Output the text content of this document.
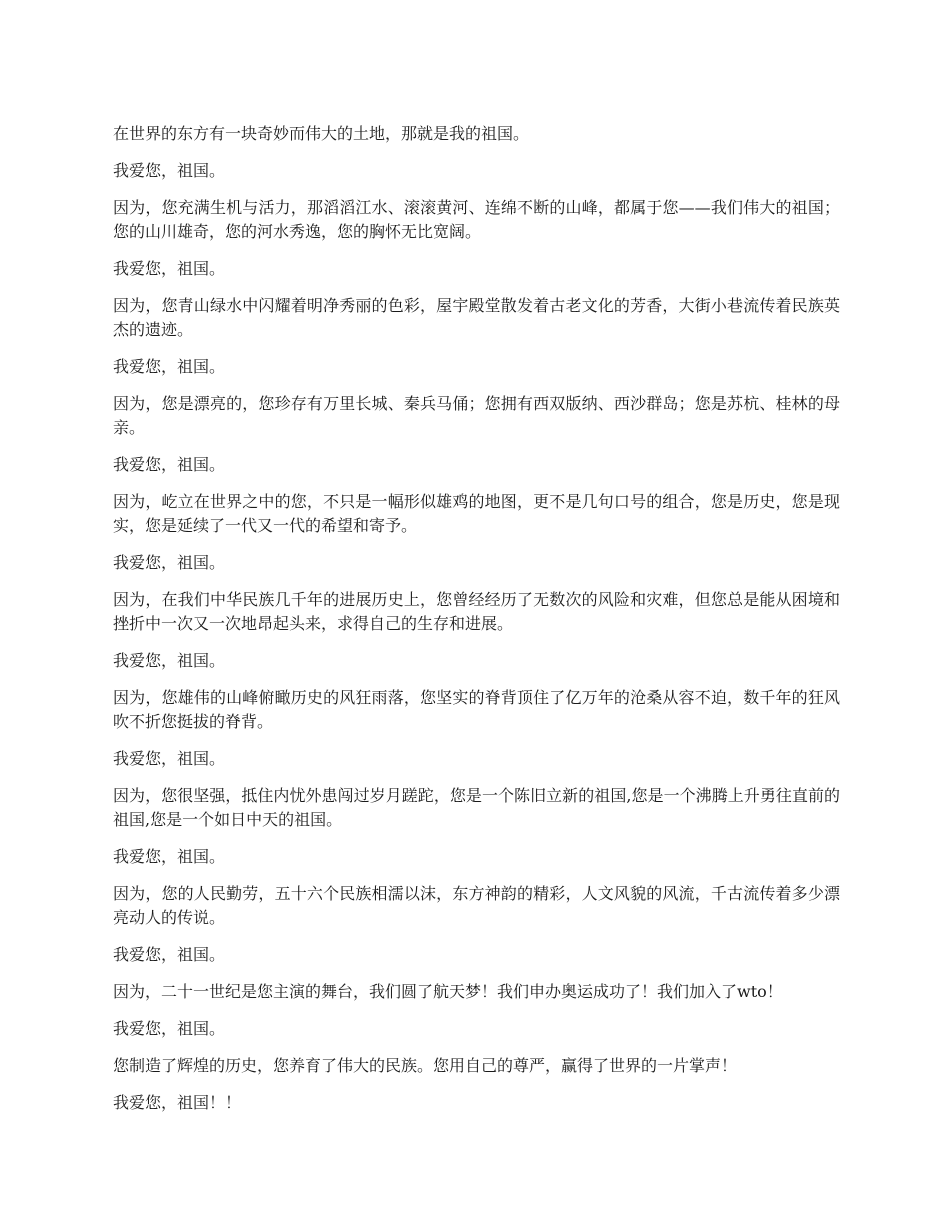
在世界的东方有一块奇妙而伟大的土地，那就是我的祖国。

我爱您，祖国。

因为，您充满生机与活力，那滔滔江水、滚滚黄河、连绵不断的山峰，都属于您——我们伟大的祖国；您的山川雄奇，您的河水秀逸，您的胸怀无比宽阔。

我爱您，祖国。

因为，您青山绿水中闪耀着明净秀丽的色彩，屋宇殿堂散发着古老文化的芳香，大街小巷流传着民族英杰的遗迹。

我爱您，祖国。

因为，您是漂亮的，您珍存有万里长城、秦兵马俑；您拥有西双版纳、西沙群岛；您是苏杭、桂林的母亲。

我爱您，祖国。

因为，屹立在世界之中的您，不只是一幅形似雄鸡的地图，更不是几句口号的组合，您是历史，您是现实，您是延续了一代又一代的希望和寄予。

我爱您，祖国。

因为，在我们中华民族几千年的进展历史上，您曾经经历了无数次的风险和灾难，但您总是能从困境和挫折中一次又一次地昂起头来，求得自己的生存和进展。

我爱您，祖国。

因为，您雄伟的山峰俯瞰历史的风狂雨落，您坚实的脊背顶住了亿万年的沧桑从容不迫，数千年的狂风吹不折您挺拔的脊背。

我爱您，祖国。

因为，您很坚强，抵住内忧外患闯过岁月蹉跎，您是一个陈旧立新的祖国,您是一个沸腾上升勇往直前的祖国,您是一个如日中天的祖国。

我爱您，祖国。

因为，您的人民勤劳，五十六个民族相濡以沫，东方神韵的精彩，人文风貌的风流，千古流传着多少漂亮动人的传说。

我爱您，祖国。

因为，二十一世纪是您主演的舞台，我们圆了航天梦！我们申办奥运成功了！我们加入了wto！

我爱您，祖国。

您制造了辉煌的历史，您养育了伟大的民族。您用自己的尊严，赢得了世界的一片掌声！

我爱您，祖国！！
